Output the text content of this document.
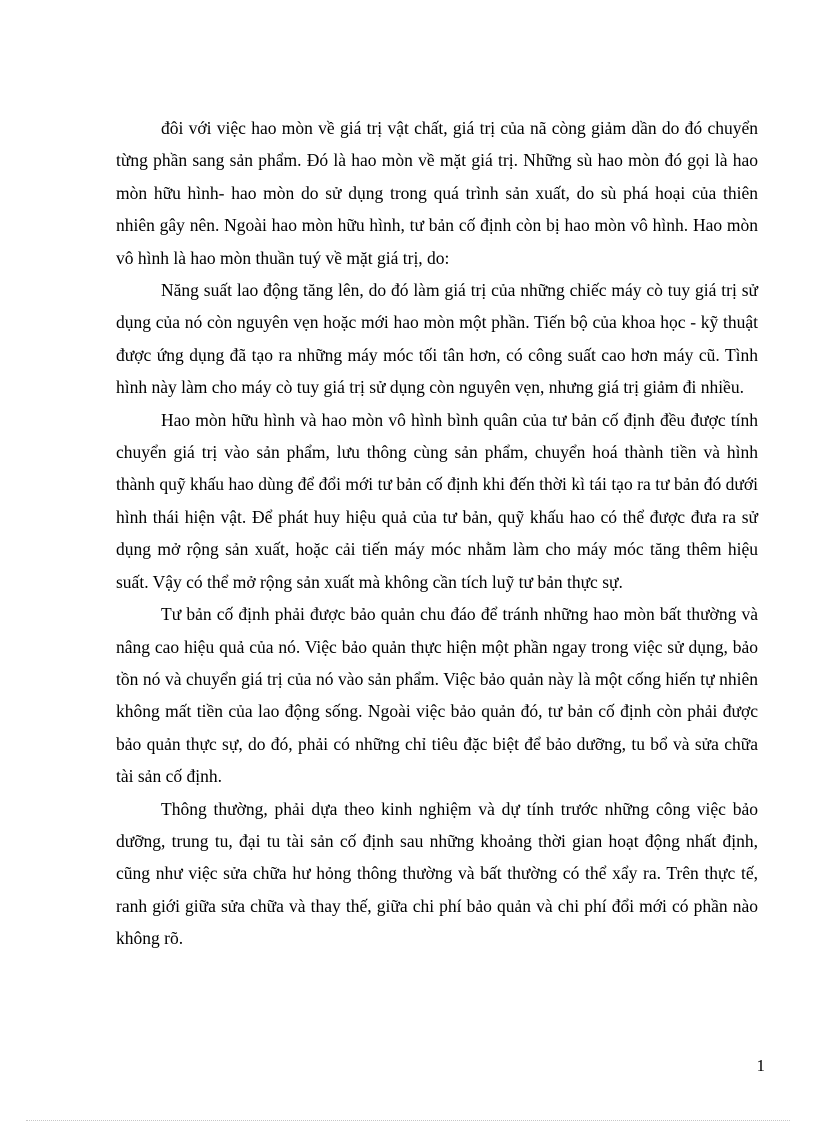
đôi với việc hao mòn về giá trị vật chất, giá trị của nã còng giảm dần do đó chuyển từng phần sang sản phẩm. Đó là hao mòn về mặt giá trị. Những sù hao mòn đó gọi là hao mòn hữu hình- hao mòn do sử dụng trong quá trình sản xuất, do sù phá hoại của thiên nhiên gây nên. Ngoài hao mòn hữu hình, tư bản cố định còn bị hao mòn vô hình. Hao mòn vô hình là hao mòn thuần tuý về mặt giá trị, do:

Năng suất lao động tăng lên, do đó làm giá trị của những chiếc máy cò tuy giá trị sử dụng của nó còn nguyên vẹn hoặc mới hao mòn một phần. Tiến bộ của khoa học - kỹ thuật được ứng dụng đã tạo ra những máy móc tối tân hơn, có công suất cao hơn máy cũ. Tình hình này làm cho máy cò tuy giá trị sử dụng còn nguyên vẹn, nhưng giá trị giảm đi nhiều.

Hao mòn hữu hình và hao mòn vô hình bình quân của tư bản cố định đều được tính chuyển giá trị vào sản phẩm, lưu thông cùng sản phẩm, chuyển hoá thành tiền và hình thành quỹ khấu hao dùng để đổi mới tư bản cố định khi đến thời kì tái tạo ra tư bản đó dưới hình thái hiện vật. Để phát huy hiệu quả của tư bản, quỹ khấu hao có thể được đưa ra sử dụng mở rộng sản xuất, hoặc cải tiến máy móc nhằm làm cho máy móc tăng thêm hiệu suất. Vậy có thể mở rộng sản xuất mà không cần tích luỹ tư bản thực sự.

Tư bản cố định phải được bảo quản chu đáo để tránh những hao mòn bất thường và nâng cao hiệu quả của nó. Việc bảo quản thực hiện một phần ngay trong việc sử dụng, bảo tồn nó và chuyển giá trị của nó vào sản phẩm. Việc bảo quản này là một cống hiến tự nhiên không mất tiền của lao động sống. Ngoài việc bảo quản đó, tư bản cố định còn phải được bảo quản thực sự, do đó, phải có những chỉ tiêu đặc biệt để bảo dưỡng, tu bổ và sửa chữa tài sản cố định.

Thông thường, phải dựa theo kinh nghiệm và dự tính trước những công việc bảo dưỡng, trung tu, đại tu tài sản cố định sau những khoảng thời gian hoạt động nhất định, cũng như việc sửa chữa hư hỏng thông thường và bất thường có thể xẩy ra. Trên thực tế, ranh giới giữa sửa chữa và thay thế, giữa chi phí bảo quản và chi phí đổi mới có phần nào không rõ.

1
